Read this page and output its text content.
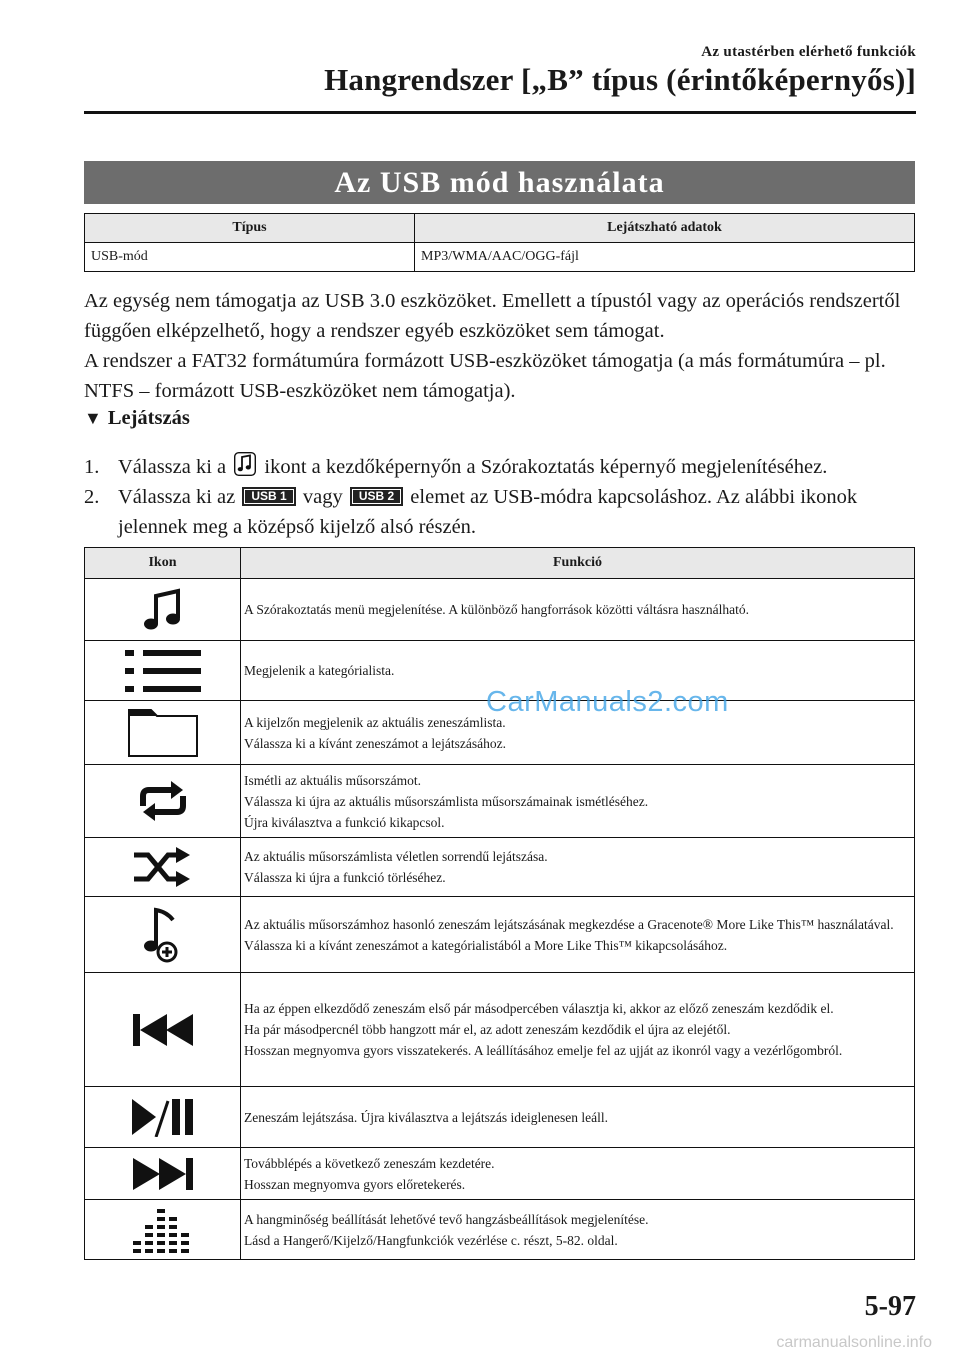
Az utastérben elérhető funkciók
Hangrendszer [„B” típus (érintőképernyős)]
Az USB mód használata
Típus	Lejátszható adatok
USB-mód	MP3/WMA/AAC/OGG-fájl

Az egység nem támogatja az USB 3.0 eszközöket. Emellett a típustól vagy az operációs rendszertől függően elképzelhető, hogy a rendszer egyéb eszközöket sem támogat.

A rendszer a FAT32 formátumúra formázott USB-eszközöket támogatja (a más formátumúra – pl. NTFS – formázott USB-eszközöket nem támogatja).

▼ Lejátszás
1. Válassza ki a ikont a kezdőképernyőn a Szórakoztatás képernyő megjelenítéséhez.
2. Válassza ki az USB 1 vagy USB 2 elemet az USB-módra kapcsoláshoz. Az alábbi ikonok jelennek meg a középső kijelző alsó részén.
Ikon	Funkció

A Szórakoztatás menü megjelenítése. A különböző hangforrások közötti váltásra használható.

Megjelenik a kategórialista.

A kijelzőn megjelenik az aktuális zeneszámlista.
Válassza ki a kívánt zeneszámot a lejátszásához.

Ismétli az aktuális műsorszámot.
Válassza ki újra az aktuális műsorszámlista műsorszámainak ismétléséhez.
Újra kiválasztva a funkció kikapcsol.

Az aktuális műsorszámlista véletlen sorrendű lejátszása.
Válassza ki újra a funkció törléséhez.

Az aktuális műsorszámhoz hasonló zeneszám lejátszásának megkezdése a Gracenote® More Like This™ használatával.
Válassza ki a kívánt zeneszámot a kategórialistából a More Like This™ kikapcsolásához.

Ha az éppen elkezdődő zeneszám első pár másodpercében választja ki, akkor az előző zeneszám kezdődik el.
Ha pár másodpercnél több hangzott már el, az adott zeneszám kezdődik el újra az elejétől.
Hosszan megnyomva gyors visszatekerés. A leállításához emelje fel az ujját az ikonról vagy a vezérlőgombról.

Zeneszám lejátszása. Újra kiválasztva a lejátszás ideiglenesen leáll.

Továbblépés a következő zeneszám kezdetére.
Hosszan megnyomva gyors előretekerés.

A hangminőség beállítását lehetővé tevő hangzásbeállítások megjelenítése.
Lásd a Hangerő/Kijelző/Hangfunkciók vezérlése c. részt, 5-82. oldal.
CarManuals2.com
5-97
carmanualsonline.info
